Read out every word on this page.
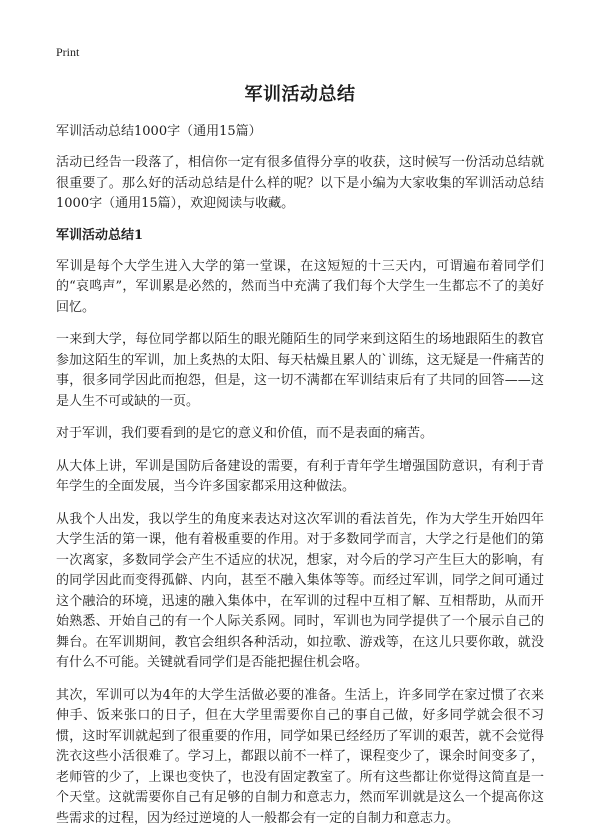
Print
军训活动总结
军训活动总结1000字（通用15篇）

活动已经告一段落了，相信你一定有很多值得分享的收获，这时候写一份活动总结就很重要了。那么好的活动总结是什么样的呢？以下是小编为大家收集的军训活动总结1000字（通用15篇），欢迎阅读与收藏。

军训活动总结1

军训是每个大学生进入大学的第一堂课，在这短短的十三天内，可谓遍布着同学们的“哀鸣声”，军训累是必然的，然而当中充满了我们每个大学生一生都忘不了的美好回忆。

一来到大学，每位同学都以陌生的眼光随陌生的同学来到这陌生的场地跟陌生的教官参加这陌生的军训，加上炙热的太阳、每天枯燥且累人的`训练，这无疑是一件痛苦的事，很多同学因此而抱怨，但是，这一切不满都在军训结束后有了共同的回答——这是人生不可或缺的一页。

对于军训，我们要看到的是它的意义和价值，而不是表面的痛苦。

从大体上讲，军训是国防后备建设的需要，有利于青年学生增强国防意识，有利于青年学生的全面发展，当今许多国家都采用这种做法。

从我个人出发，我以学生的角度来表达对这次军训的看法首先，作为大学生开始四年大学生活的第一课，他有着极重要的作用。对于多数同学而言，大学之行是他们的第一次离家，多数同学会产生不适应的状况，想家，对今后的学习产生巨大的影响，有的同学因此而变得孤僻、内向，甚至不融入集体等等。而经过军训，同学之间可通过这个融洽的环境，迅速的融入集体中，在军训的过程中互相了解、互相帮助，从而开始熟悉、开始自己的有一个人际关系网。同时，军训也为同学提供了一个展示自己的舞台。在军训期间，教官会组织各种活动，如拉歌、游戏等，在这儿只要你敢，就没有什么不可能。关键就看同学们是否能把握住机会咯。

其次，军训可以为4年的大学生活做必要的准备。生活上，许多同学在家过惯了衣来伸手、饭来张口的日子，但在大学里需要你自己的事自己做，好多同学就会很不习惯，这时军训就起到了很重要的作用，同学如果已经经历了军训的艰苦，就不会觉得洗衣这些小活很难了。学习上，都跟以前不一样了，课程变少了，课余时间变多了，老师管的少了，上课也变快了，也没有固定教室了。所有这些都让你觉得这简直是一个天堂。这就需要你自己有足够的自制力和意志力，然而军训就是这么一个提高你这些需求的过程，因为经过逆境的人一般都会有一定的自制力和意志力。
